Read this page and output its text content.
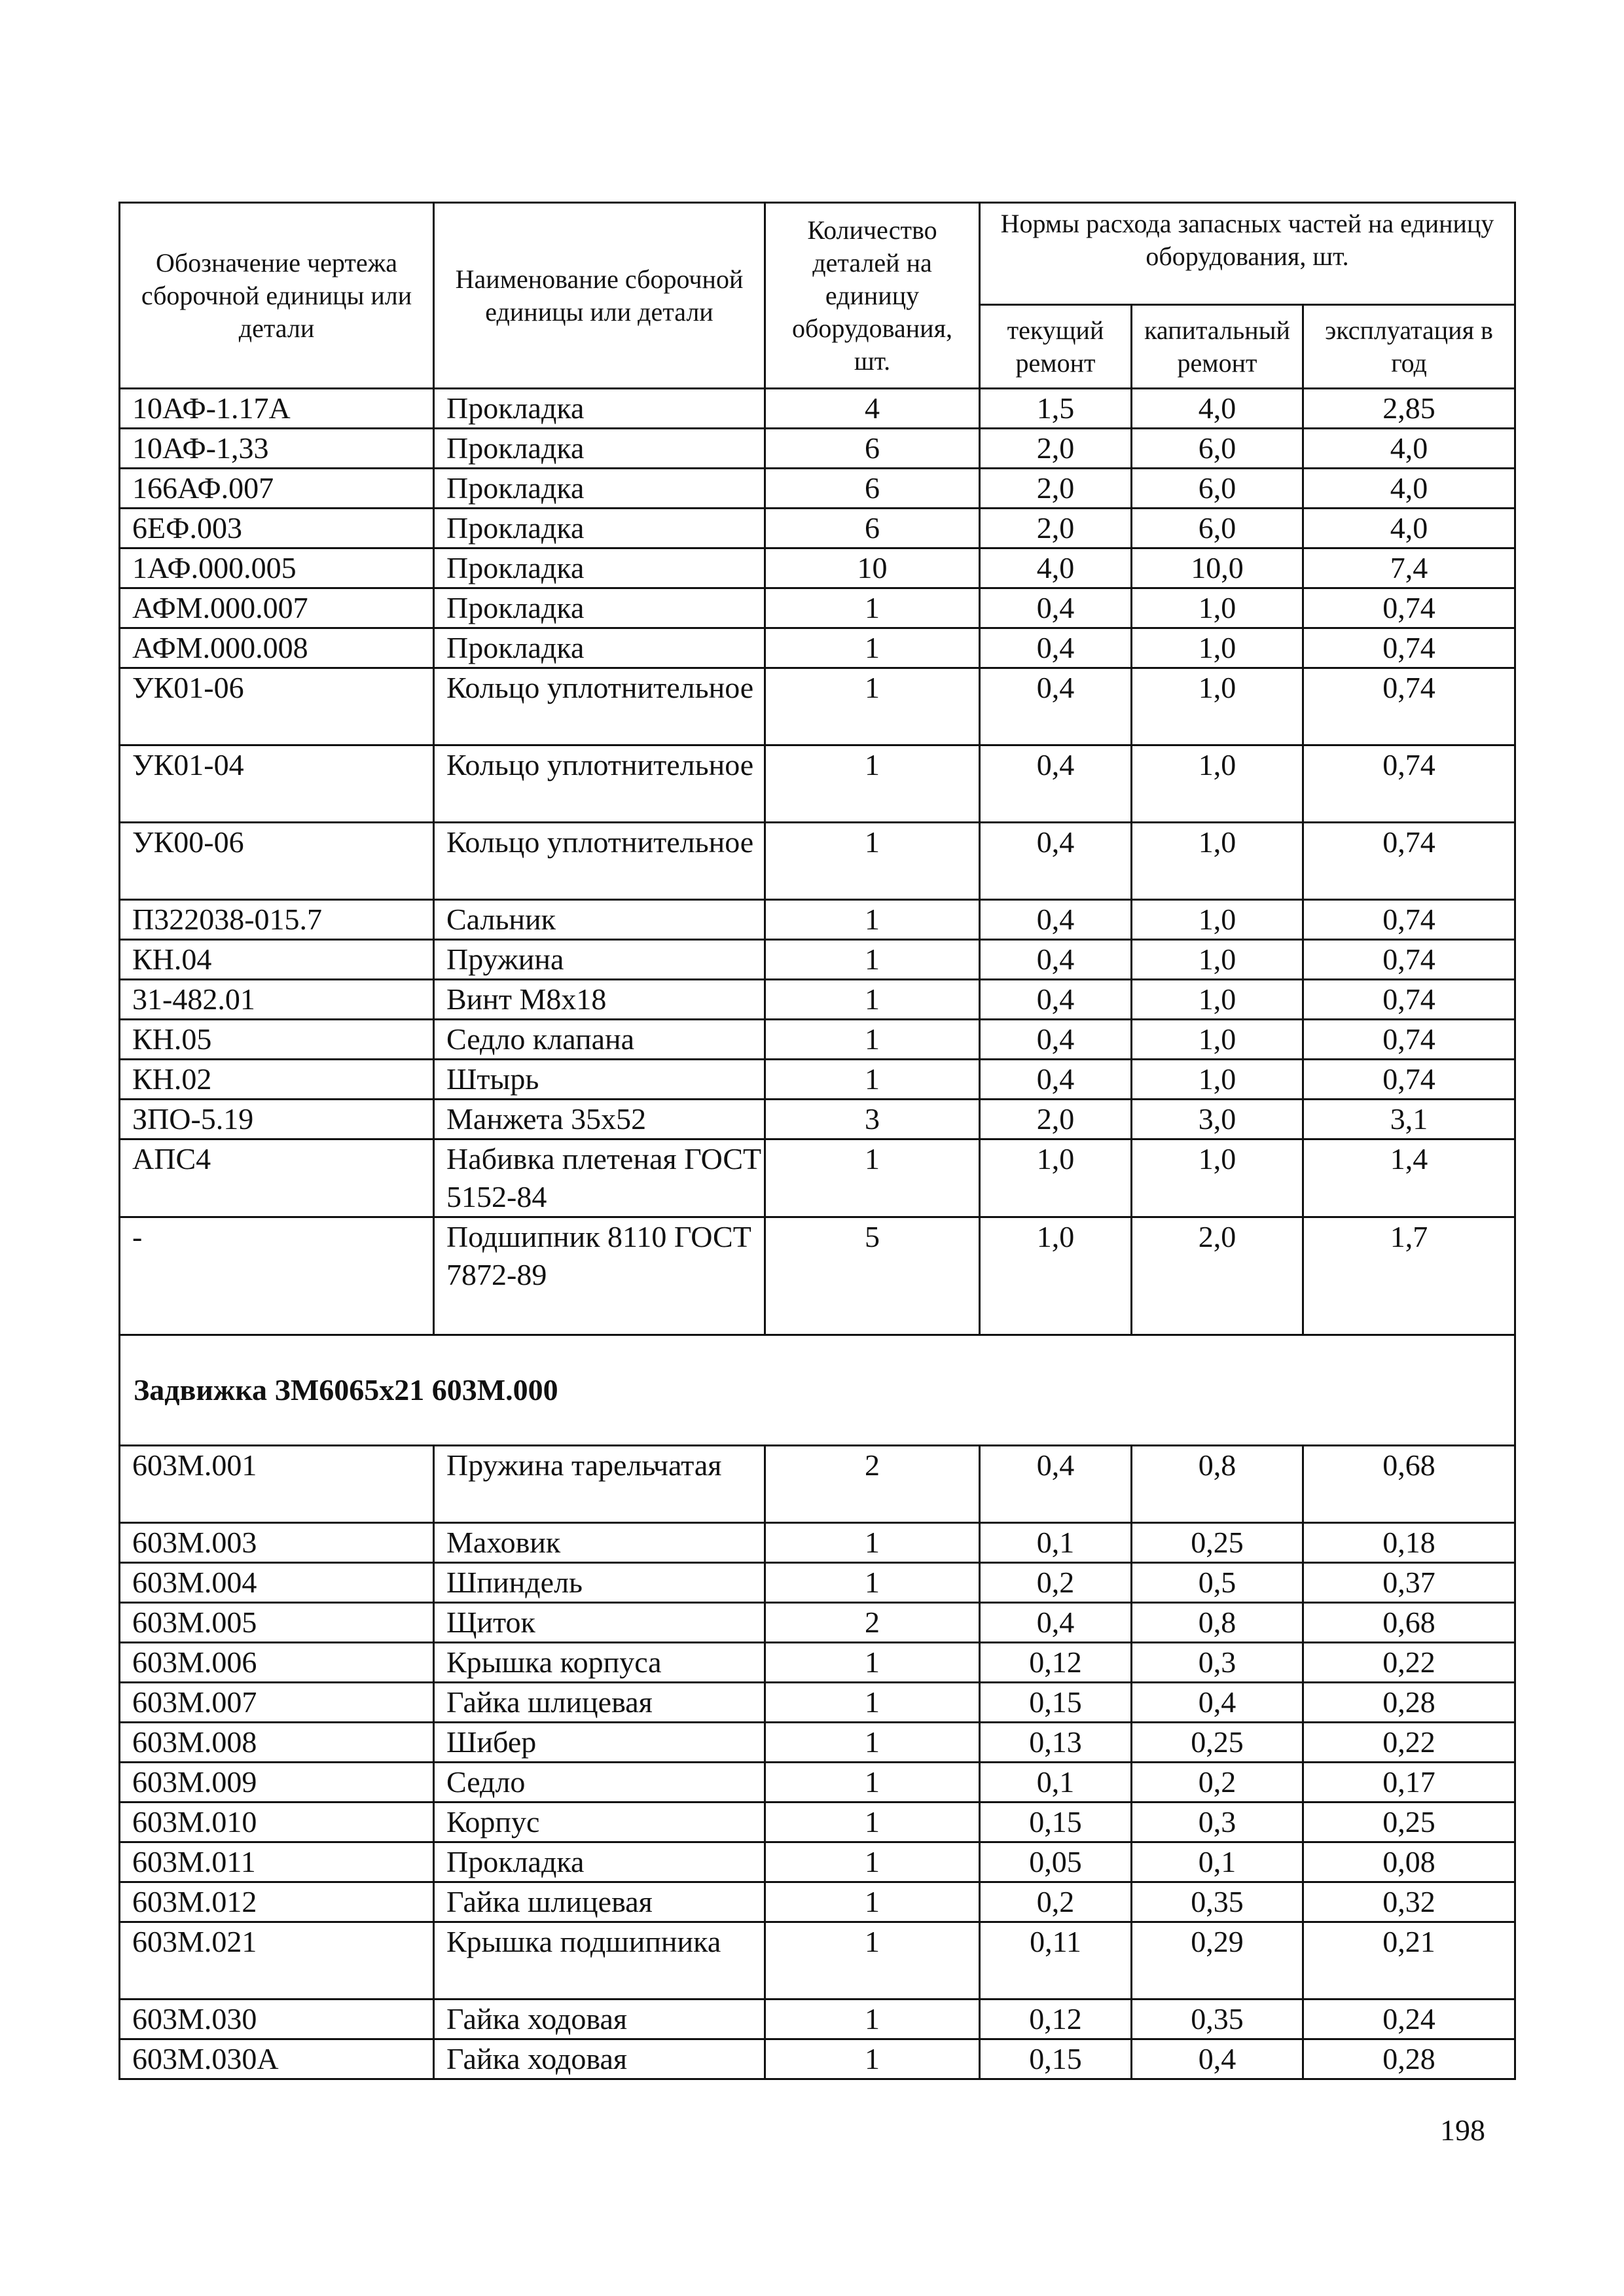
Обозначение чертежа сборочной единицы или детали	Наименование сборочной единицы или детали	Количество деталей на единицу оборудования, шт.	Нормы расхода запасных частей на единицу оборудования, шт.		
			текущий ремонт	капитальный ремонт	эксплуатация в год
10АФ-1.17А	Прокладка	4	1,5	4,0	2,85
10АФ-1,33	Прокладка	6	2,0	6,0	4,0
166АФ.007	Прокладка	6	2,0	6,0	4,0
6ЕФ.003	Прокладка	6	2,0	6,0	4,0
1АФ.000.005	Прокладка	10	4,0	10,0	7,4
АФМ.000.007	Прокладка	1	0,4	1,0	0,74
АФМ.000.008	Прокладка	1	0,4	1,0	0,74
УК01-06	Кольцо уплотнительное	1	0,4	1,0	0,74
УК01-04	Кольцо уплотнительное	1	0,4	1,0	0,74
УК00-06	Кольцо уплотнительное	1	0,4	1,0	0,74
П322038-015.7	Сальник	1	0,4	1,0	0,74
КН.04	Пружина	1	0,4	1,0	0,74
31-482.01	Винт М8х18	1	0,4	1,0	0,74
КН.05	Седло клапана	1	0,4	1,0	0,74
КН.02	Штырь	1	0,4	1,0	0,74
ЗПО-5.19	Манжета 35х52	3	2,0	3,0	3,1
АПС4	Набивка плетеная ГОСТ 5152-84	1	1,0	1,0	1,4
-	Подшипник 8110 ГОСТ 7872-89	5	1,0	2,0	1,7
Задвижка ЗМ6065х21 603М.000					
603М.001	Пружина тарельчатая	2	0,4	0,8	0,68
603М.003	Маховик	1	0,1	0,25	0,18
603М.004	Шпиндель	1	0,2	0,5	0,37
603М.005	Щиток	2	0,4	0,8	0,68
603М.006	Крышка корпуса	1	0,12	0,3	0,22
603М.007	Гайка шлицевая	1	0,15	0,4	0,28
603М.008	Шибер	1	0,13	0,25	0,22
603М.009	Седло	1	0,1	0,2	0,17
603М.010	Корпус	1	0,15	0,3	0,25
603М.011	Прокладка	1	0,05	0,1	0,08
603М.012	Гайка шлицевая	1	0,2	0,35	0,32
603М.021	Крышка подшипника	1	0,11	0,29	0,21
603М.030	Гайка ходовая	1	0,12	0,35	0,24
603М.030А	Гайка ходовая	1	0,15	0,4	0,28
198
